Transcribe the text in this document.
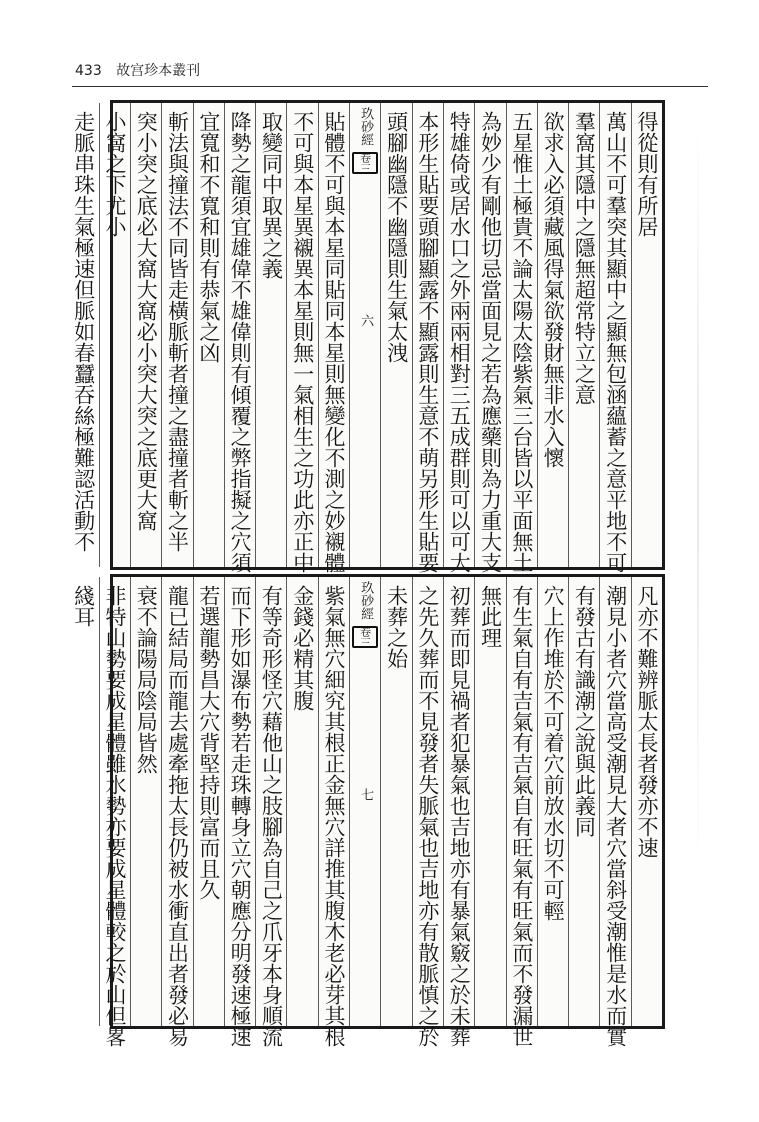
433 故宫珍本叢刊
得從則有所居
萬山不可羣突其顯中之顯無包涵蘊蓄之意平地不可
羣窩其隱中之隱無超常特立之意
欲求入必須藏風得氣欲發財無非水入懷
五星惟土極貴不論太陽太陰紫氣三台皆以平面無土
為妙少有剛他切忌當面見之若為應藥則為力重大支
特雄倚或居水口之外兩兩相對三五成群則可以可大
本形生貼要頭腳顯露不顯露則生意不萌另形生貼要
頭腳幽隱不幽隱則生氣太洩
玖砂經
卷三
六
貼體不可與本星同貼同本星則無變化不測之妙襯體
不可與本星異襯異本星則無一氣相生之功此亦正中
取變同中取異之義
降勢之龍須宜雄偉不雄偉則有傾覆之弊指擬之穴須
宜寬和不寬和則有恭氣之凶
斬法與撞法不同皆走橫脈斬者撞之盡撞者斬之半
突小突之底必大窩大窩必小突大突之底更大窩
小窩之下尤小
走脈串珠生氣極速但脈如春蠶吞絲極難認活動不
凡亦不難辨脈太長者發亦不速
潮見小者穴當高受潮見大者穴當斜受潮惟是水而實
有發古有識潮之說與此義同
穴上作堆於不可着穴前放水切不可輕
有生氣自有吉氣有吉氣自有旺氣有旺氣而不發漏世
無此理
初葬而即見禍者犯暴氣也吉地亦有暴氣竅之於未葬
之先久葬而不見發者失脈氣也吉地亦有散脈慎之於
未葬之始
玖砂經
卷三
七
紫氣無穴細究其根正金無穴詳推其腹木老必芽其根
金錢必精其腹
有等奇形怪穴藉他山之肢腳為自己之爪牙本身順流
而下形如瀑布勢若走珠轉身立穴朝應分明發速極速
若選龍勢昌大穴背堅持則富而且久
龍已結局而龍去處牽拖太長仍被水衝直出者發必易
衰不論陽局陰局皆然
非特山勢要成星體雖水勢亦要成星體較之於山但畧
綫耳
